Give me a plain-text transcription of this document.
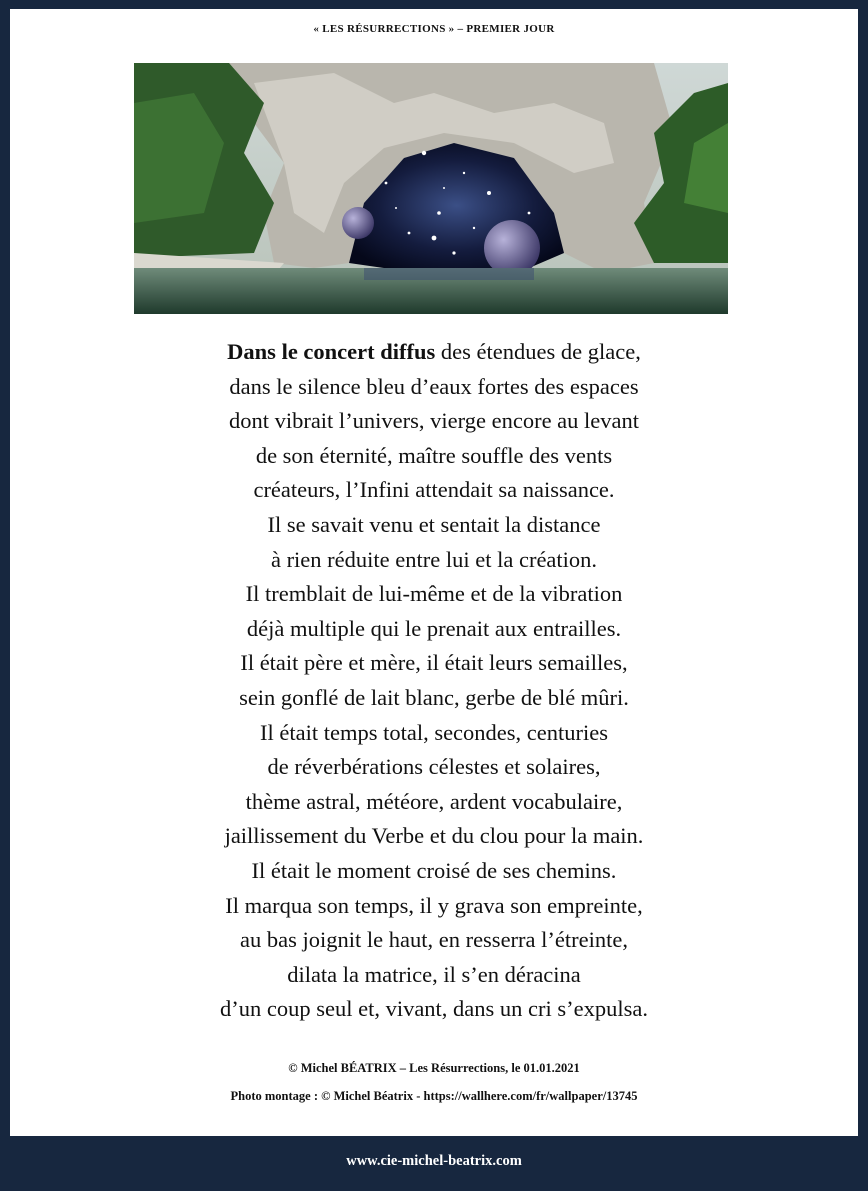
« LES RÉSURRECTIONS » – PREMIER JOUR
Dans le concert diffus des étendues de glace,
dans le silence bleu d’eaux fortes des espaces
dont vibrait l’univers, vierge encore au levant
de son éternité, maître souffle des vents
créateurs, l’Infini attendait sa naissance.
Il se savait venu et sentait la distance
à rien réduite entre lui et la création.
Il tremblait de lui-même et de la vibration
déjà multiple qui le prenait aux entrailles.
Il était père et mère, il était leurs semailles,
sein gonflé de lait blanc, gerbe de blé mûri.
Il était temps total, secondes, centuries
de réverbérations célestes et solaires,
thème astral, météore, ardent vocabulaire,
jaillissement du Verbe et du clou pour la main.
Il était le moment croisé de ses chemins.
Il marqua son temps, il y grava son empreinte,
au bas joignit le haut, en resserra l’étreinte,
dilata la matrice, il s’en déracina
d’un coup seul et, vivant, dans un cri s’expulsa.
© Michel BÉATRIX – Les Résurrections, le 01.01.2021
Photo montage : © Michel Béatrix - https://wallhere.com/fr/wallpaper/13745
www.cie-michel-beatrix.com
